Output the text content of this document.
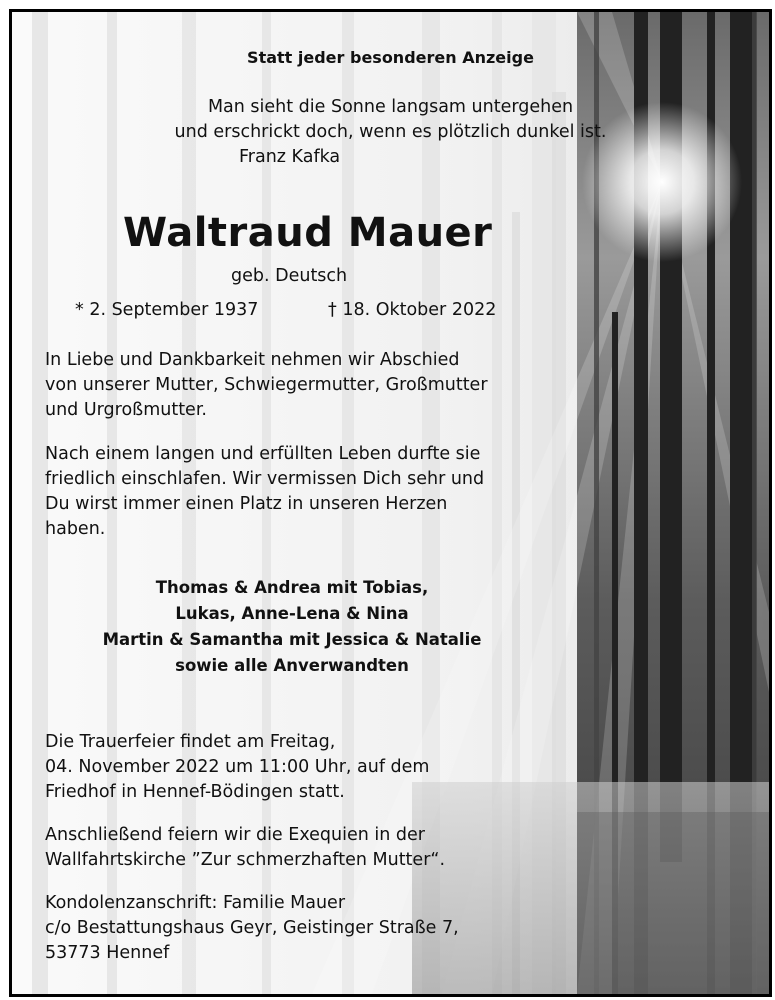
Statt jeder besonderen Anzeige

Man sieht die Sonne langsam untergehen

und erschrickt doch, wenn es plötzlich dunkel ist.

Franz Kafka

Waltraud Mauer

geb. Deutsch

* 2. September 1937	† 18. Oktober 2022

In Liebe und Dankbarkeit nehmen wir Abschied

von unserer Mutter, Schwiegermutter, Großmutter

und Urgroßmutter.

Nach einem langen und erfüllten Leben durfte sie

friedlich einschlafen. Wir vermissen Dich sehr und

Du wirst immer einen Platz in unseren Herzen

haben.

Thomas & Andrea mit Tobias,

Lukas, Anne-Lena & Nina

Martin & Samantha mit Jessica & Natalie

sowie alle Anverwandten

Die Trauerfeier findet am Freitag,

04. November 2022 um 11:00 Uhr, auf dem

Friedhof in Hennef-Bödingen statt.

Anschließend feiern wir die Exequien in der

Wallfahrtskirche ”Zur schmerzhaften Mutter“.

Kondolenzanschrift: Familie Mauer

c/o Bestattungshaus Geyr, Geistinger Straße 7,

53773 Hennef
